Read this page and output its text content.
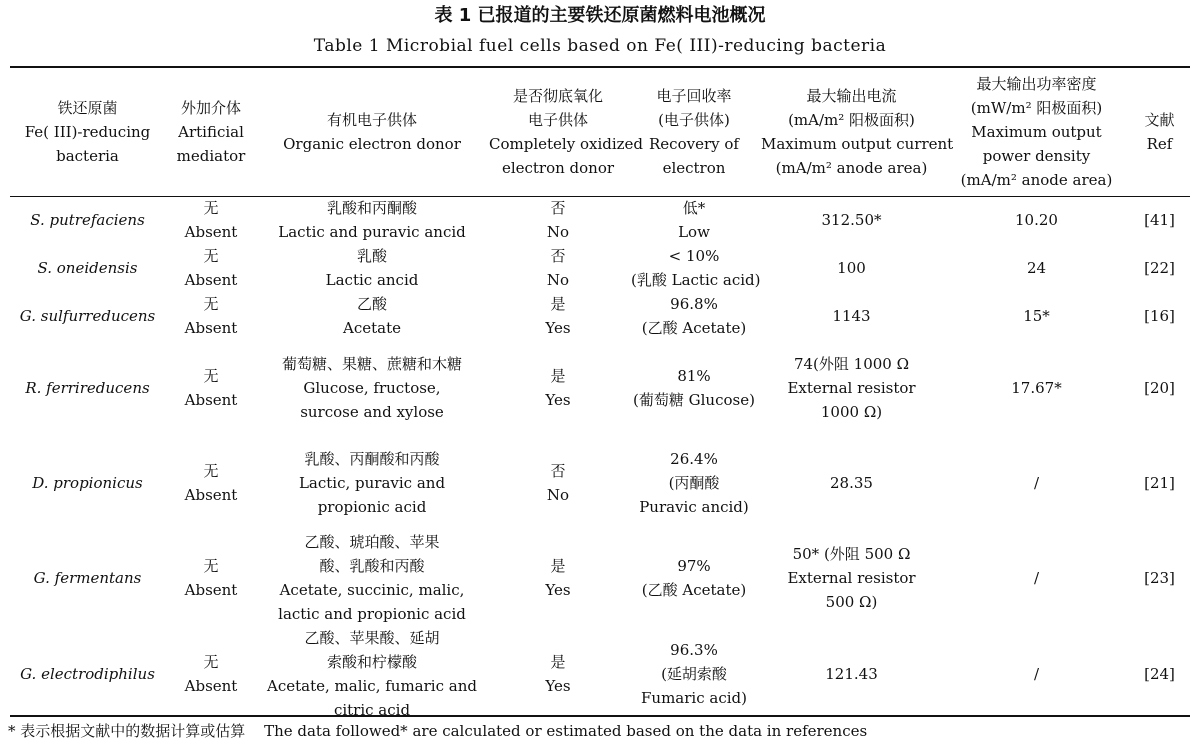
表 1 已报道的主要铁还原菌燃料电池概况
Table 1 Microbial fuel cells based on Fe( III)-reducing bacteria
铁还原菌
Fe( III)-reducing
bacteria	外加介体
Artificial
mediator	有机电子供体
Organic electron donor	是否彻底氧化
电子供体
Completely oxidized
electron donor	电子回收率
(电子供体)
Recovery of
electron	最大输出电流
(mA/m² 阳极面积)
Maximum output current
(mA/m² anode area)	最大输出功率密度
(mW/m² 阳极面积)
Maximum output
power density
(mA/m² anode area)	文献
Ref

S. putrefaciens	无
Absent	乳酸和丙酮酸
Lactic and puravic ancid	否
No	低*
Low	312.50*	10.20	[41]

S. oneidensis	无
Absent	乳酸
Lactic ancid	否
No	< 10%
(乳酸 Lactic acid)	100	24	[22]

G. sulfurreducens	无
Absent	乙酸
Acetate	是
Yes	96.8%
(乙酸 Acetate)	1143	15*	[16]

R. ferrireducens	无
Absent	葡萄糖、果糖、蔗糖和木糖
Glucose, fructose,
surcose and xylose	是
Yes	81%
(葡萄糖 Glucose)	74(外阻 1000 Ω
External resistor
1000 Ω)	17.67*	[20]

D. propionicus	无
Absent	乳酸、丙酮酸和丙酸
Lactic, puravic and
propionic acid	否
No	26.4%
(丙酮酸
Puravic ancid)	28.35	/	[21]

G. fermentans	无
Absent	乙酸、琥珀酸、苹果
酸、乳酸和丙酸
Acetate, succinic, malic,
lactic and propionic acid	是
Yes	97%
(乙酸 Acetate)	50* (外阻 500 Ω
External resistor
500 Ω)	/	[23]

G. electrodiphilus	无
Absent	乙酸、苹果酸、延胡
索酸和柠檬酸
Acetate, malic, fumaric and
citric acid	是
Yes	96.3%
(延胡索酸
Fumaric acid)	121.43	/	[24]
* 表示根据文献中的数据计算或估算 The data followed* are calculated or estimated based on the data in references
